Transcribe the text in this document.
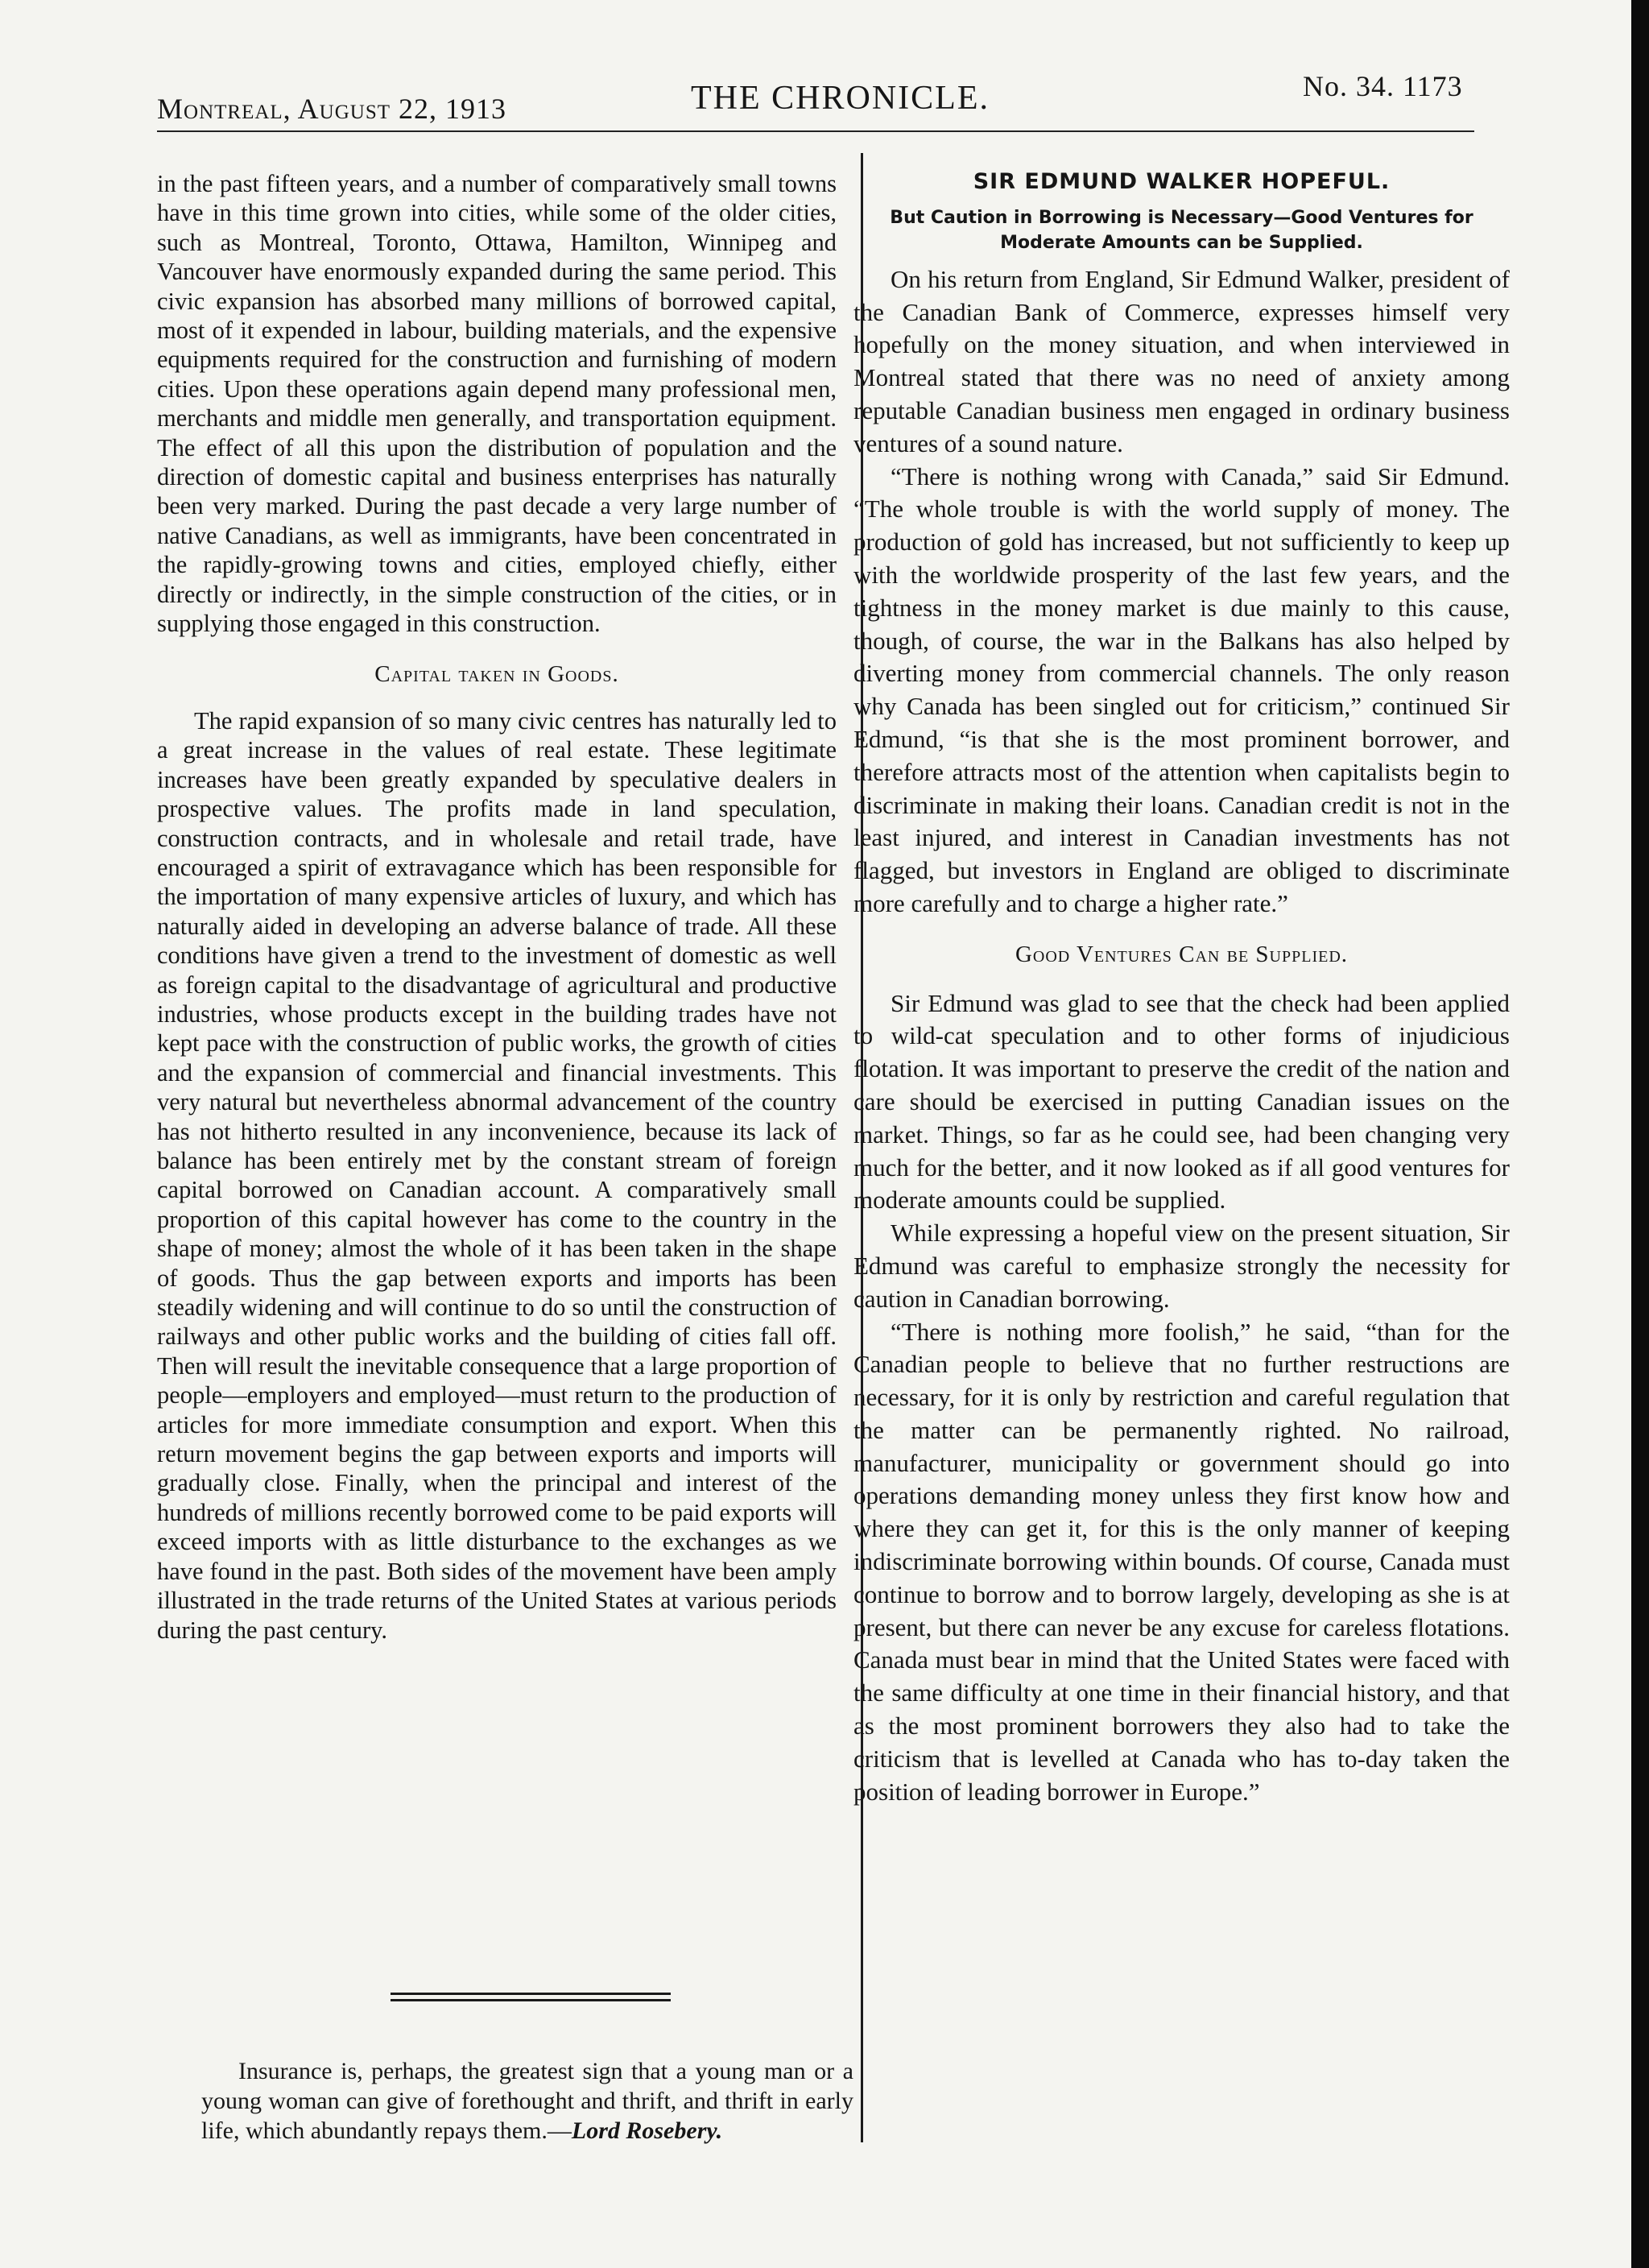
Montreal, August 22, 1913	THE CHRONICLE.	No. 34. 1173

in the past fifteen years, and a number of comparatively small towns have in this time grown into cities, while some of the older cities, such as Montreal, Toronto, Ottawa, Hamilton, Winnipeg and Vancouver have enormously expanded during the same period. This civic expansion has absorbed many millions of borrowed capital, most of it expended in labour, building materials, and the expensive equipments required for the construction and furnishing of modern cities. Upon these operations again depend many professional men, merchants and middle men generally, and transportation equipment. The effect of all this upon the distribution of population and the direction of domestic capital and business enterprises has naturally been very marked. During the past decade a very large number of native Canadians, as well as immigrants, have been concentrated in the rapidly-growing towns and cities, employed chiefly, either directly or indirectly, in the simple construction of the cities, or in supplying those engaged in this construction.

Capital taken in Goods.

The rapid expansion of so many civic centres has naturally led to a great increase in the values of real estate. These legitimate increases have been greatly expanded by speculative dealers in prospective values. The profits made in land speculation, construction contracts, and in wholesale and retail trade, have encouraged a spirit of extravagance which has been responsible for the importation of many expensive articles of luxury, and which has naturally aided in developing an adverse balance of trade. All these conditions have given a trend to the investment of domestic as well as foreign capital to the disadvantage of agricultural and productive industries, whose products except in the building trades have not kept pace with the construction of public works, the growth of cities and the expansion of commercial and financial investments. This very natural but nevertheless abnormal advancement of the country has not hitherto resulted in any inconvenience, because its lack of balance has been entirely met by the constant stream of foreign capital borrowed on Canadian account. A comparatively small proportion of this capital however has come to the country in the shape of money; almost the whole of it has been taken in the shape of goods. Thus the gap between exports and imports has been steadily widening and will continue to do so until the construction of railways and other public works and the building of cities fall off. Then will result the inevitable consequence that a large proportion of people—employers and employed—must return to the production of articles for more immediate consumption and export. When this return movement begins the gap between exports and imports will gradually close. Finally, when the principal and interest of the hundreds of millions recently borrowed come to be paid exports will exceed imports with as little disturbance to the exchanges as we have found in the past. Both sides of the movement have been amply illustrated in the trade returns of the United States at various periods during the past century.

Insurance is, perhaps, the greatest sign that a young man or a young woman can give of forethought and thrift, and thrift in early life, which abundantly repays them.—Lord Rosebery.

SIR EDMUND WALKER HOPEFUL.
But Caution in Borrowing is Necessary—Good Ventures for Moderate Amounts can be Supplied.

On his return from England, Sir Edmund Walker, president of the Canadian Bank of Commerce, expresses himself very hopefully on the money situation, and when interviewed in Montreal stated that there was no need of anxiety among reputable Canadian business men engaged in ordinary business ventures of a sound nature.

“There is nothing wrong with Canada,” said Sir Edmund. “The whole trouble is with the world supply of money. The production of gold has increased, but not sufficiently to keep up with the worldwide prosperity of the last few years, and the tightness in the money market is due mainly to this cause, though, of course, the war in the Balkans has also helped by diverting money from commercial channels. The only reason why Canada has been singled out for criticism,” continued Sir Edmund, “is that she is the most prominent borrower, and therefore attracts most of the attention when capitalists begin to discriminate in making their loans. Canadian credit is not in the least injured, and interest in Canadian investments has not flagged, but investors in England are obliged to discriminate more carefully and to charge a higher rate.”

Good Ventures Can be Supplied.

Sir Edmund was glad to see that the check had been applied to wild-cat speculation and to other forms of injudicious flotation. It was important to preserve the credit of the nation and care should be exercised in putting Canadian issues on the market. Things, so far as he could see, had been changing very much for the better, and it now looked as if all good ventures for moderate amounts could be supplied.

While expressing a hopeful view on the present situation, Sir Edmund was careful to emphasize strongly the necessity for caution in Canadian borrowing.

“There is nothing more foolish,” he said, “than for the Canadian people to believe that no further restructions are necessary, for it is only by restriction and careful regulation that the matter can be permanently righted. No railroad, manufacturer, municipality or government should go into operations demanding money unless they first know how and where they can get it, for this is the only manner of keeping indiscriminate borrowing within bounds. Of course, Canada must continue to borrow and to borrow largely, developing as she is at present, but there can never be any excuse for careless flotations. Canada must bear in mind that the United States were faced with the same difficulty at one time in their financial history, and that as the most prominent borrowers they also had to take the criticism that is levelled at Canada who has to-day taken the position of leading borrower in Europe.”
